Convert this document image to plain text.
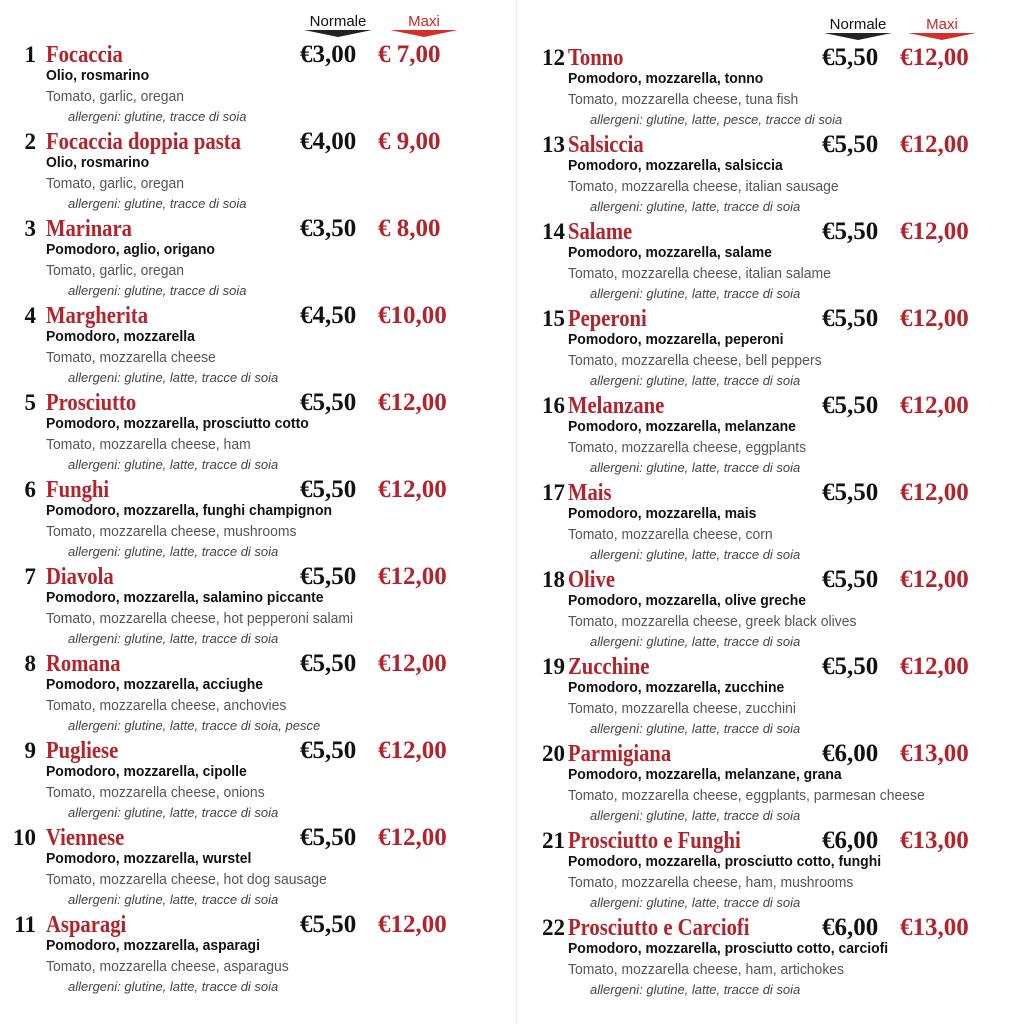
Normale	Maxi
1 Focaccia	€3,00 € 7,00
Olio, rosmarino
Tomato, garlic, oregan
allergeni: glutine, tracce di soia
2 Focaccia doppia pasta €4,00 € 9,00
Olio, rosmarino
Tomato, garlic, oregan
allergeni: glutine, tracce di soia
3 Marinara	€3,50 € 8,00
Pomodoro, aglio, origano
Tomato, garlic, oregan
allergeni: glutine, tracce di soia
4 Margherita	€4,50 €10,00
Pomodoro, mozzarella
Tomato, mozzarella cheese
allergeni: glutine, latte, tracce di soia
5 Prosciutto	€5,50 €12,00
Pomodoro, mozzarella, prosciutto cotto
Tomato, mozzarella cheese, ham
allergeni: glutine, latte, tracce di soia
6 Funghi	€5,50 €12,00
Pomodoro, mozzarella, funghi champignon
Tomato, mozzarella cheese, mushrooms
allergeni: glutine, latte, tracce di soia
7 Diavola	€5,50 €12,00
Pomodoro, mozzarella, salamino piccante
Tomato, mozzarella cheese, hot pepperoni salami
allergeni: glutine, latte, tracce di soia
8 Romana	€5,50 €12,00
Pomodoro, mozzarella, acciughe
Tomato, mozzarella cheese, anchovies
allergeni: glutine, latte, tracce di soia, pesce
9 Pugliese	€5,50 €12,00
Pomodoro, mozzarella, cipolle
Tomato, mozzarella cheese, onions
allergeni: glutine, latte, tracce di soia
10 Viennese	€5,50 €12,00
Pomodoro, mozzarella, wurstel
Tomato, mozzarella cheese, hot dog sausage
allergeni: glutine, latte, tracce di soia
11 Asparagi	€5,50 €12,00
Pomodoro, mozzarella, asparagi
Tomato, mozzarella cheese, asparagus
allergeni: glutine, latte, tracce di soia
Normale	Maxi
12 Tonno	€5,50 €12,00
Pomodoro, mozzarella, tonno
Tomato, mozzarella cheese, tuna fish
allergeni: glutine, latte, pesce, tracce di soia
13 Salsiccia	€5,50 €12,00
Pomodoro, mozzarella, salsiccia
Tomato, mozzarella cheese, italian sausage
allergeni: glutine, latte, tracce di soia
14 Salame	€5,50 €12,00
Pomodoro, mozzarella, salame
Tomato, mozzarella cheese, italian salame
allergeni: glutine, latte, tracce di soia
15 Peperoni	€5,50 €12,00
Pomodoro, mozzarella, peperoni
Tomato, mozzarella cheese, bell peppers
allergeni: glutine, latte, tracce di soia
16 Melanzane	€5,50 €12,00
Pomodoro, mozzarella, melanzane
Tomato, mozzarella cheese, eggplants
allergeni: glutine, latte, tracce di soia
17 Mais	€5,50 €12,00
Pomodoro, mozzarella, mais
Tomato, mozzarella cheese, corn
allergeni: glutine, latte, tracce di soia
18 Olive	€5,50 €12,00
Pomodoro, mozzarella, olive greche
Tomato, mozzarella cheese, greek black olives
allergeni: glutine, latte, tracce di soia
19 Zucchine	€5,50 €12,00
Pomodoro, mozzarella, zucchine
Tomato, mozzarella cheese, zucchini
allergeni: glutine, latte, tracce di soia
20 Parmigiana	€6,00 €13,00
Pomodoro, mozzarella, melanzane, grana
Tomato, mozzarella cheese, eggplants, parmesan cheese
allergeni: glutine, latte, tracce di soia
21 Prosciutto e Funghi	€6,00 €13,00
Pomodoro, mozzarella, prosciutto cotto, funghi
Tomato, mozzarella cheese, ham, mushrooms
allergeni: glutine, latte, tracce di soia
22 Prosciutto e Carciofi	€6,00 €13,00
Pomodoro, mozzarella, prosciutto cotto, carciofi
Tomato, mozzarella cheese, ham, artichokes
allergeni: glutine, latte, tracce di soia
